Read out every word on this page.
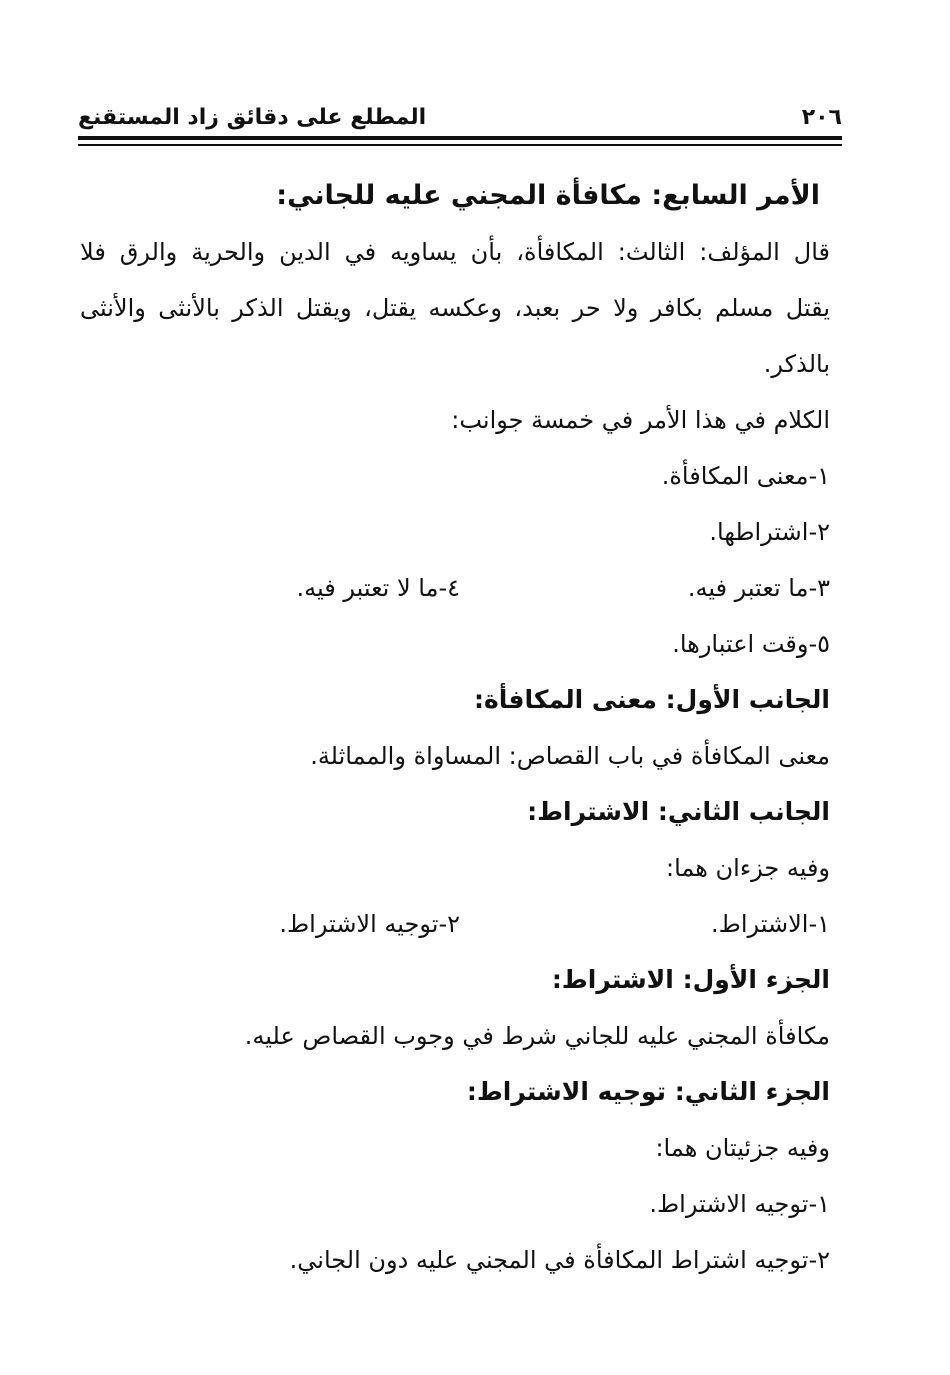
٢٠٦
المطلع على دقائق زاد المستقنع

الأمر السابع: مكافأة المجني عليه للجاني:

قال المؤلف: الثالث: المكافأة، بأن يساويه في الدين والحرية والرق فلا

يقتل مسلم بكافر ولا حر بعبد، وعكسه يقتل، ويقتل الذكر بالأنثى والأنثى

بالذكر.

الكلام في هذا الأمر في خمسة جوانب:

١-معنى المكافأة.

٢-اشتراطها.

٣-ما تعتبر فيه.
٤-ما لا تعتبر فيه.

٥-وقت اعتبارها.

الجانب الأول: معنى المكافأة:

معنى المكافأة في باب القصاص: المساواة والمماثلة.

الجانب الثاني: الاشتراط:

وفيه جزءان هما:

١-الاشتراط.
٢-توجيه الاشتراط.

الجزء الأول: الاشتراط:

مكافأة المجني عليه للجاني شرط في وجوب القصاص عليه.

الجزء الثاني: توجيه الاشتراط:

وفيه جزئيتان هما:

١-توجيه الاشتراط.

٢-توجيه اشتراط المكافأة في المجني عليه دون الجاني.
